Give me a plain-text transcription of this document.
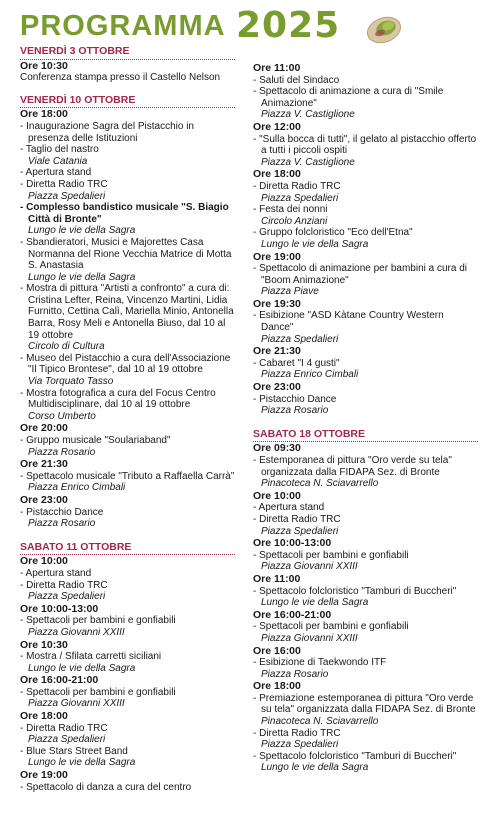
PROGRAMMA 2025
VENERDÌ 3 OTTOBRE
Ore 10:30
Conferenza stampa presso il Castello Nelson
VENERDÌ 10 OTTOBRE
Ore 18:00
- Inaugurazione Sagra del Pistacchio in presenza delle Istituzioni
- Taglio del nastro
Viale Catania
- Apertura stand
- Diretta Radio TRC
Piazza Spedalieri
- Complesso bandistico musicale "S. Biagio Città di Bronte"
Lungo le vie della Sagra
- Sbandieratori, Musici e Majorettes Casa Normanna del Rione Vecchia Matrice di Motta S. Anastasia
Lungo le vie della Sagra
- Mostra di pittura "Artisti a confronto" a cura di: Cristina Lefter, Reina, Vincenzo Martini, Lidia Furnitto, Cettina Calì, Mariella Minio, Antonella Barra, Rosy Meli e Antonella Biuso, dal 10 al 19 ottobre
Circolo di Cultura
- Museo del Pistacchio a cura dell'Associazione "Il Tipico Brontese", dal 10 al 19 ottobre
Via Torquato Tasso
- Mostra fotografica a cura del Focus Centro Multidisciplinare, dal 10 al 19 ottobre
Corso Umberto
Ore 20:00
- Gruppo musicale "Soulariaband"
Piazza Rosario
Ore 21:30
- Spettacolo musicale "Tributo a Raffaella Carrà"
Piazza Enrico Cimbali
Ore 23:00
- Pistacchio Dance
Piazza Rosario
SABATO 11 OTTOBRE
Ore 10:00
- Apertura stand
- Diretta Radio TRC
Piazza Spedalieri
Ore 10:00-13:00
- Spettacoli per bambini e gonfiabili
Piazza Giovanni XXIII
Ore 10:30
- Mostra / Sfilata carretti siciliani
Lungo le vie della Sagra
Ore 16:00-21:00
- Spettacoli per bambini e gonfiabili
Piazza Giovanni XXIII
Ore 18:00
- Diretta Radio TRC
Piazza Spedalieri
- Blue Stars Street Band
Lungo le vie della Sagra
Ore 19:00
- Spettacolo di danza a cura del centro
Ore 11:00
- Saluti del Sindaco
- Spettacolo di animazione a cura di "Smile Animazione"
Piazza V. Castiglione
Ore 12:00
- "Sulla bocca di tutti", il gelato al pistacchio offerto a tutti i piccoli ospiti
Piazza V. Castiglione
Ore 18:00
- Diretta Radio TRC
Piazza Spedalieri
- Festa dei nonni
Circolo Anziani
- Gruppo folcloristico "Eco dell'Etna"
Lungo le vie della Sagra
Ore 19:00
- Spettacolo di animazione per bambini a cura di "Boom Animazione"
Piazza Piave
Ore 19:30
- Esibizione "ASD Kàtane Country Western Dance"
Piazza Spedalieri
Ore 21:30
- Cabaret "I 4 gusti"
Piazza Enrico Cimbali
Ore 23:00
- Pistacchio Dance
Piazza Rosario
SABATO 18 OTTOBRE
Ore 09:30
- Estemporanea di pittura "Oro verde su tela" organizzata dalla FIDAPA Sez. di Bronte
Pinacoteca N. Sciavarrello
Ore 10:00
- Apertura stand
- Diretta Radio TRC
Piazza Spedalieri
Ore 10:00-13:00
- Spettacoli per bambini e gonfiabili
Piazza Giovanni XXIII
Ore 11:00
- Spettacolo folcloristico "Tamburi di Buccheri"
Lungo le vie della Sagra
Ore 16:00-21:00
- Spettacoli per bambini e gonfiabili
Piazza Giovanni XXIII
Ore 16:00
- Esibizione di Taekwondo ITF
Piazza Rosario
Ore 18:00
- Premiazione estemporanea di pittura "Oro verde su tela" organizzata dalla FIDAPA Sez. di Bronte
Pinacoteca N. Sciavarrello
- Diretta Radio TRC
Piazza Spedalieri
- Spettacolo folcloristico "Tamburi di Buccheri"
Lungo le vie della Sagra
